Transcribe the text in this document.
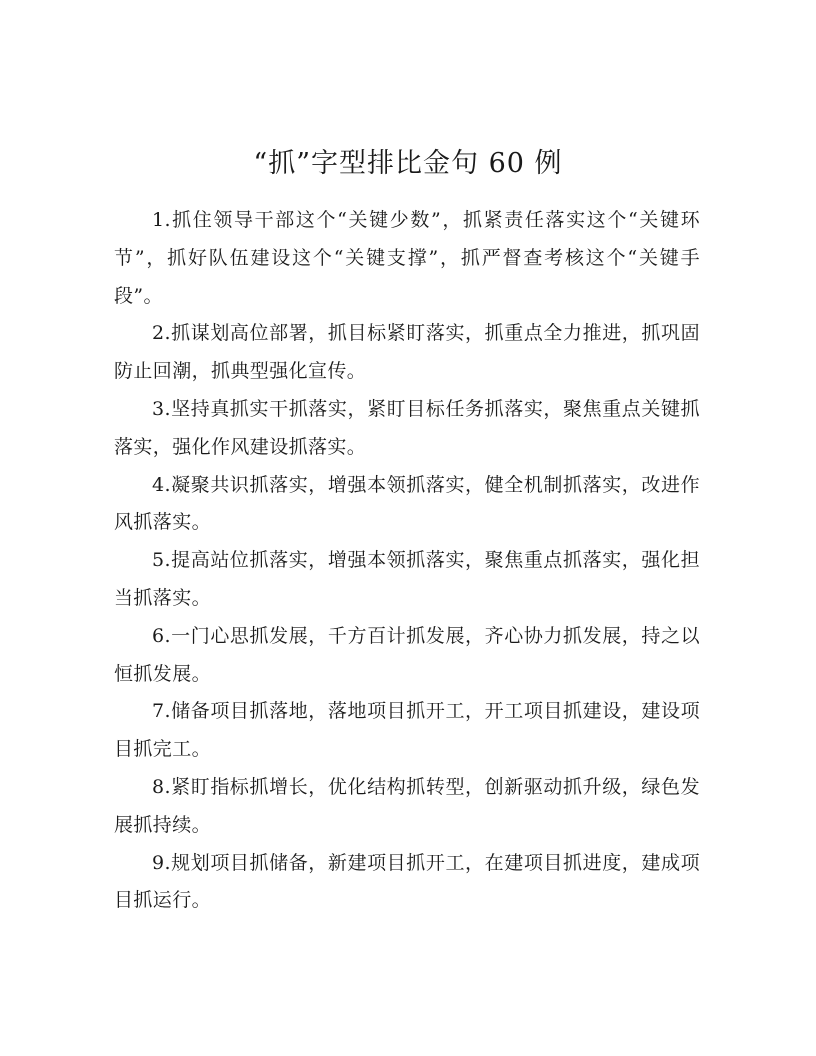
“抓”字型排比金句 60 例

1.抓住领导干部这个“关键少数”，抓紧责任落实这个“关键环节”，抓好队伍建设这个“关键支撑”，抓严督查考核这个“关键手段”。

2.抓谋划高位部署，抓目标紧盯落实，抓重点全力推进，抓巩固防止回潮，抓典型强化宣传。

3.坚持真抓实干抓落实，紧盯目标任务抓落实，聚焦重点关键抓落实，强化作风建设抓落实。

4.凝聚共识抓落实，增强本领抓落实，健全机制抓落实，改进作风抓落实。

5.提高站位抓落实，增强本领抓落实，聚焦重点抓落实，强化担当抓落实。

6.一门心思抓发展，千方百计抓发展，齐心协力抓发展，持之以恒抓发展。

7.储备项目抓落地，落地项目抓开工，开工项目抓建设，建设项目抓完工。

8.紧盯指标抓增长，优化结构抓转型，创新驱动抓升级，绿色发展抓持续。

9.规划项目抓储备，新建项目抓开工，在建项目抓进度，建成项目抓运行。
